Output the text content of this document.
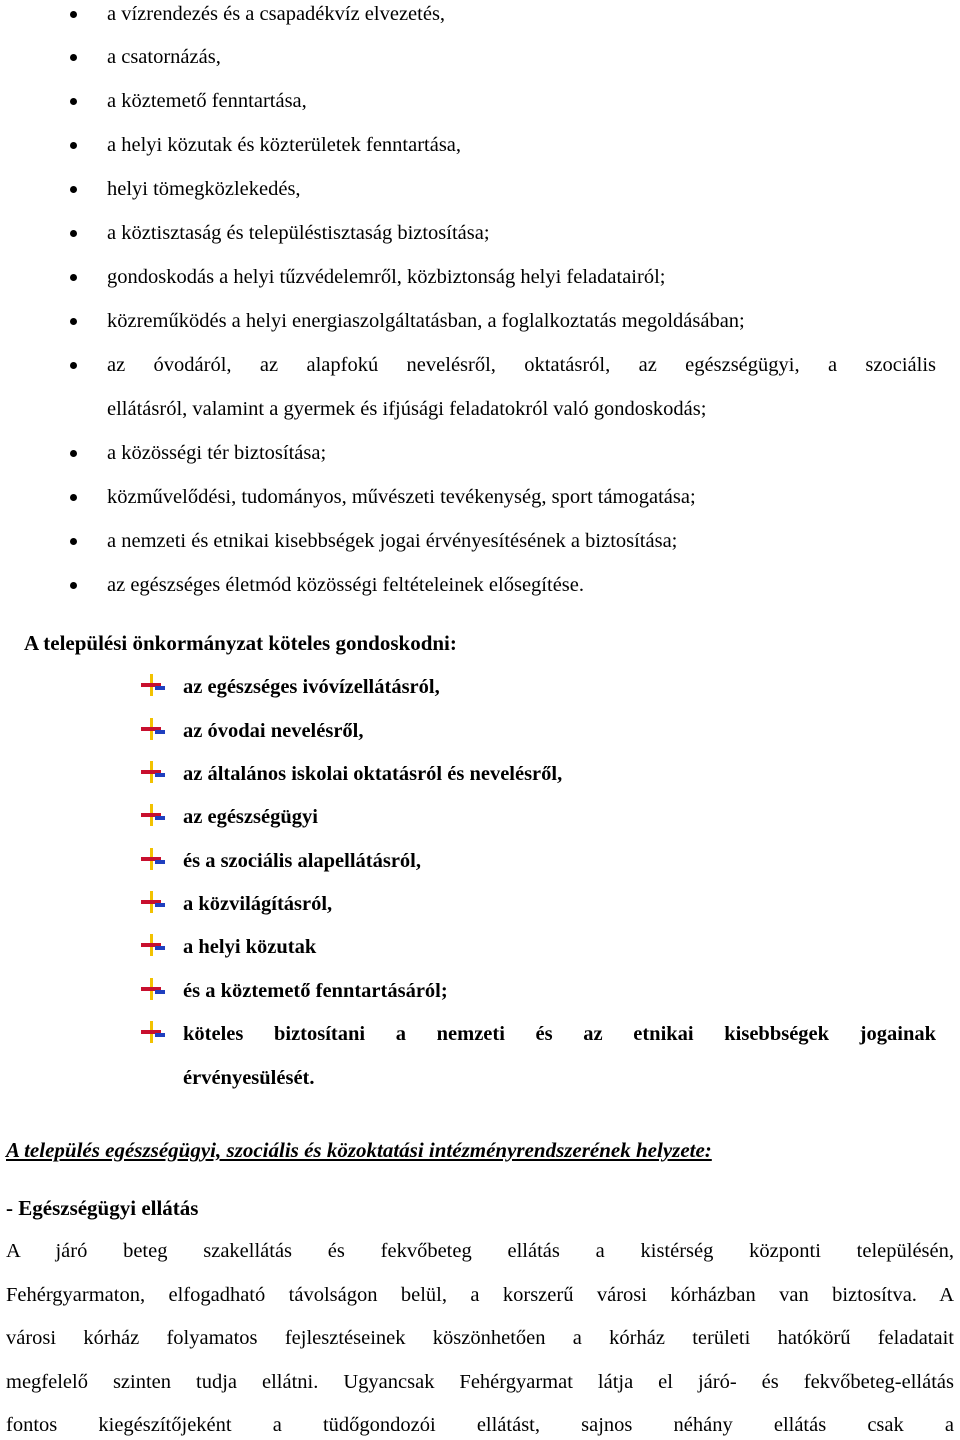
a vízrendezés és a csapadékvíz elvezetés,
a csatornázás,
a köztemető fenntartása,
a helyi közutak és közterületek fenntartása,
helyi tömegközlekedés,
a köztisztaság és településtisztaság biztosítása;
gondoskodás a helyi tűzvédelemről, közbiztonság helyi feladatairól;
közreműködés a helyi energiaszolgáltatásban, a foglalkoztatás megoldásában;
az óvodáról, az alapfokú nevelésről, oktatásról, az egészségügyi, a szociális
ellátásról, valamint a gyermek és ifjúsági feladatokról való gondoskodás;
a közösségi tér biztosítása;
közművelődési, tudományos, művészeti tevékenység, sport támogatása;
a nemzeti és etnikai kisebbségek jogai érvényesítésének a biztosítása;
az egészséges életmód közösségi feltételeinek elősegítése.
A települési önkormányzat köteles gondoskodni:
az egészséges ivóvízellátásról,
az óvodai nevelésről,
az általános iskolai oktatásról és nevelésről,
az egészségügyi
és a szociális alapellátásról,
a közvilágításról,
a helyi közutak
és a köztemető fenntartásáról;
köteles biztosítani a nemzeti és az etnikai kisebbségek jogainak
érvényesülését.
A település egészségügyi, szociális és közoktatási intézményrendszerének helyzete:
- Egészségügyi ellátás
A járó beteg szakellátás és fekvőbeteg ellátás a kistérség központi településén,
Fehérgyarmaton, elfogadható távolságon belül, a korszerű városi kórházban van biztosítva. A
városi kórház folyamatos fejlesztéseinek köszönhetően a kórház területi hatókörű feladatait
megfelelő szinten tudja ellátni. Ugyancsak Fehérgyarmat látja el járó- és fekvőbeteg-ellátás
fontos kiegészítőjeként a tüdőgondozói ellátást, sajnos néhány ellátás csak a
